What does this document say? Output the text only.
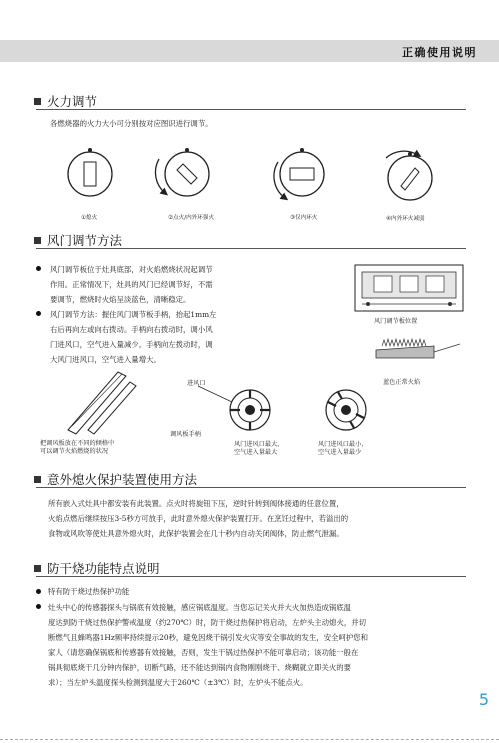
正确使用说明
火力调节
各燃烧器的火力大小可分别按对应图识进行调节。
①熄火	②点火/内外环强火	③仅内环火	④内外环火减弱
风门调节方法
风门调节板位于灶具底部，对火焰燃烧状况起调节
作用。正常情况下，灶具的风门已经调节好，不需
要调节，燃烧时火焰呈淡蓝色，清晰稳定。
风门调节方法：握住风门调节板手柄，抬起1mm左
右后再向左或向右拨动。手柄向右拨动时，调小风
门进风口，空气进入量减少。手柄向左拨动时，调
大风门进风口，空气进入量增大。
风门调节板位置
蓝色正常火焰
进风口
把调风板放在不同的倾格中
可以调节火焰燃烧的状况
调风板手柄
风门进风口最大，
空气进入量最大
风门进风口最小，
空气进入量最少
意外熄火保护装置使用方法
所有嵌入式灶具中都安装有此装置。点火时将旋钮下压，逆时针转到阀体接通的任意位置，
火焰点燃后继续按压3-5秒方可放手，此时意外熄火保护装置打开。在烹饪过程中，若溢出的
食物或风吹等使灶具意外熄火时，此保护装置会在几十秒内自动关闭阀体，防止燃气泄漏。
防干烧功能特点说明
特有防干烧过热保护功能
灶头中心的传感器探头与锅底有效接触，感应锅底温度。当您忘记关火并大火加热造成锅底温
度达到防干烧过热保护警戒温度（约270℃）时，防干烧过热保护将启动，左炉头主动熄火，并切
断燃气且蜂鸣器1Hz频率持续提示20秒，避免因烧干锅引发火灾等安全事故的发生，安全呵护您和
家人（请您确保锅底和传感器有效接触，否则，发生干锅过热保护不能可靠启动；该功能一般在
锅具彻底烧干几分钟内保护，切断气路，还不能达到锅内食物刚刚烧干、烧糊就立即关火的要
求）；当左炉头温度探头检测到温度大于260℃（±3℃）时，左炉头不能点火。
5
